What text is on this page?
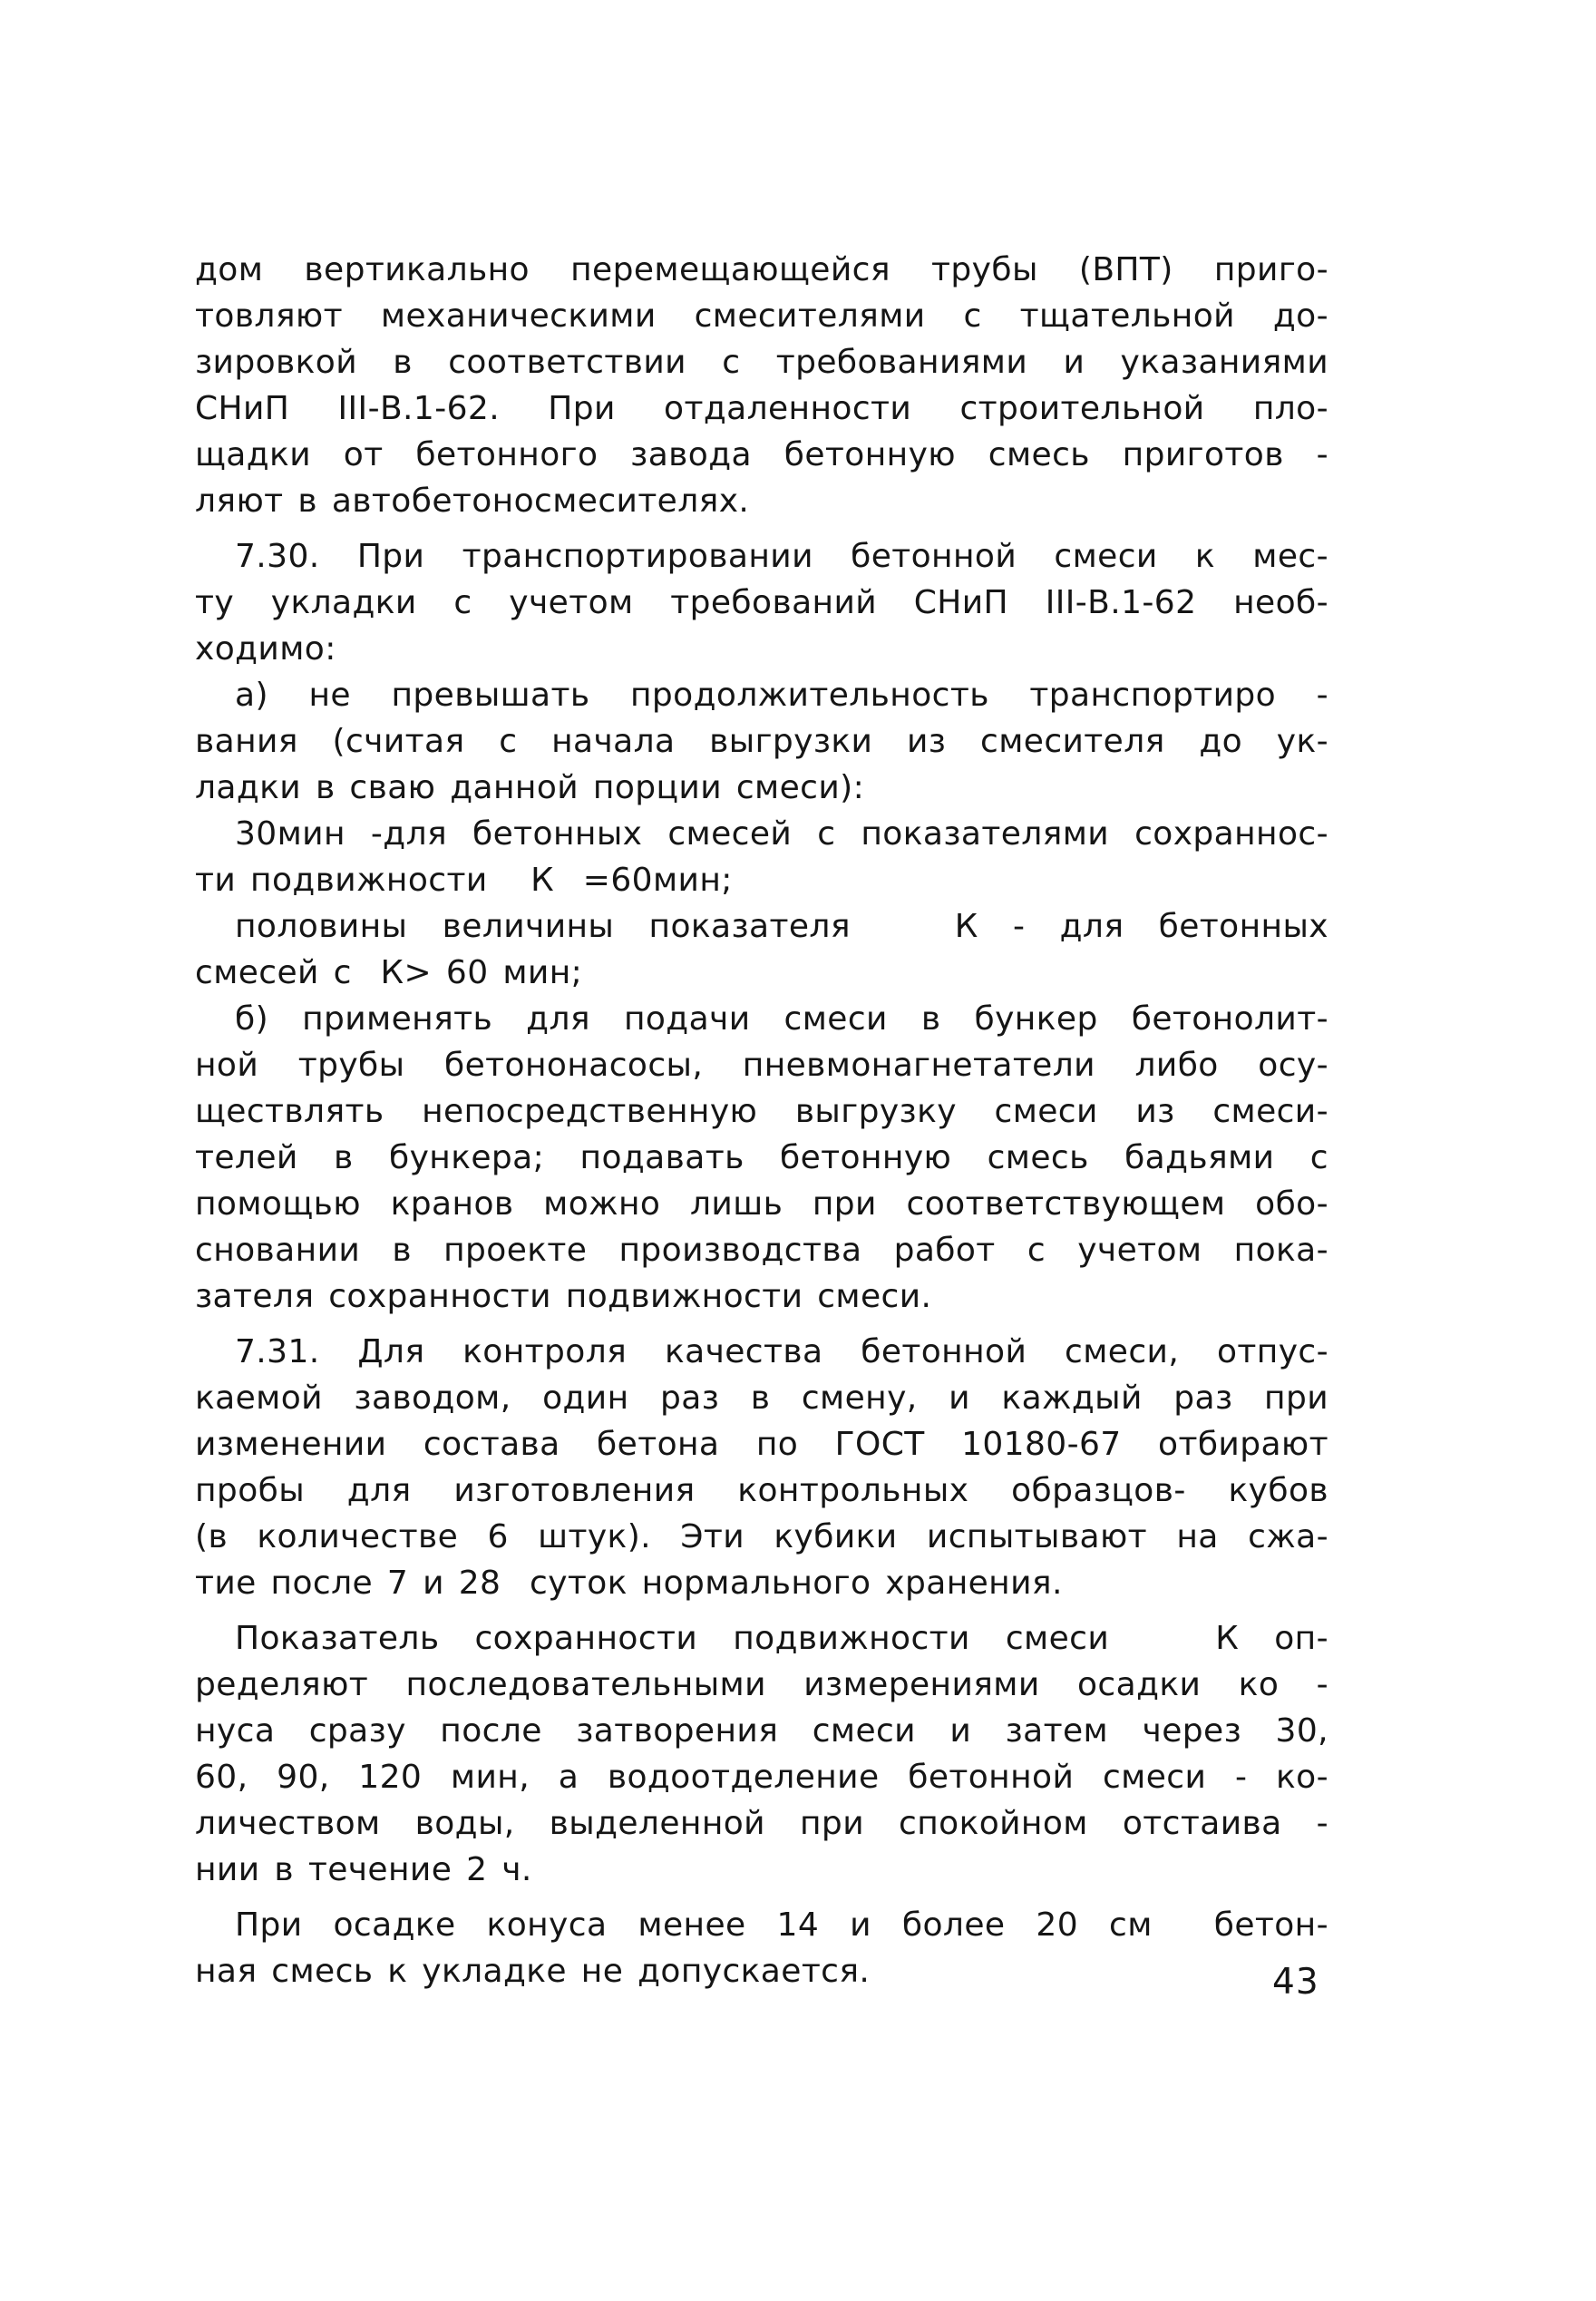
дом вертикально перемещающейся трубы (ВПТ) приго-
товляют механическими смесителями с тщательной до-
зировкой в соответствии с требованиями и указаниями
СНиП ІІІ-В.1-62. При отдаленности строительной пло-
щадки от бетонного завода бетонную смесь приготов -
ляют в автобетоносмесителях.
7.30. При транспортировании бетонной смеси к мес-
ту укладки с учетом требований СНиП ІІІ-В.1-62 необ-
ходимо:
а) не превышать продолжительность транспортиро -
вания (считая с начала выгрузки из смесителя до ук-
ладки в сваю данной порции смеси):
30мин -для бетонных смесей с показателями сохраннос-
ти подвижности   К  =60мин;
половины величины показателя   К - для бетонных
смесей с  К> 60 мин;
б) применять для подачи смеси в бункер бетонолит-
ной трубы бетононасосы, пневмонагнетатели либо осу-
ществлять непосредственную выгрузку смеси из смеси-
телей в бункера; подавать бетонную смесь бадьями с
помощью кранов можно лишь при соответствующем обо-
сновании в проекте производства работ с учетом пока-
зателя сохранности подвижности смеси.
7.31. Для контроля качества бетонной смеси, отпус-
каемой заводом, один раз в смену, и каждый раз при
изменении состава бетона по ГОСТ 10180-67 отбирают
пробы для изготовления контрольных образцов- кубов
(в количестве 6 штук). Эти кубики испытывают на сжа-
тие после 7 и 28  суток нормального хранения.
Показатель сохранности подвижности смеси   К оп-
ределяют последовательными измерениями осадки ко -
нуса сразу после затворения смеси и затем через 30,
60, 90, 120 мин, а водоотделение бетонной смеси - ко-
личеством воды, выделенной при спокойном отстаива -
нии в течение 2 ч.
При осадке конуса менее 14 и более 20 см  бетон-
ная смесь к укладке не допускается.	43
